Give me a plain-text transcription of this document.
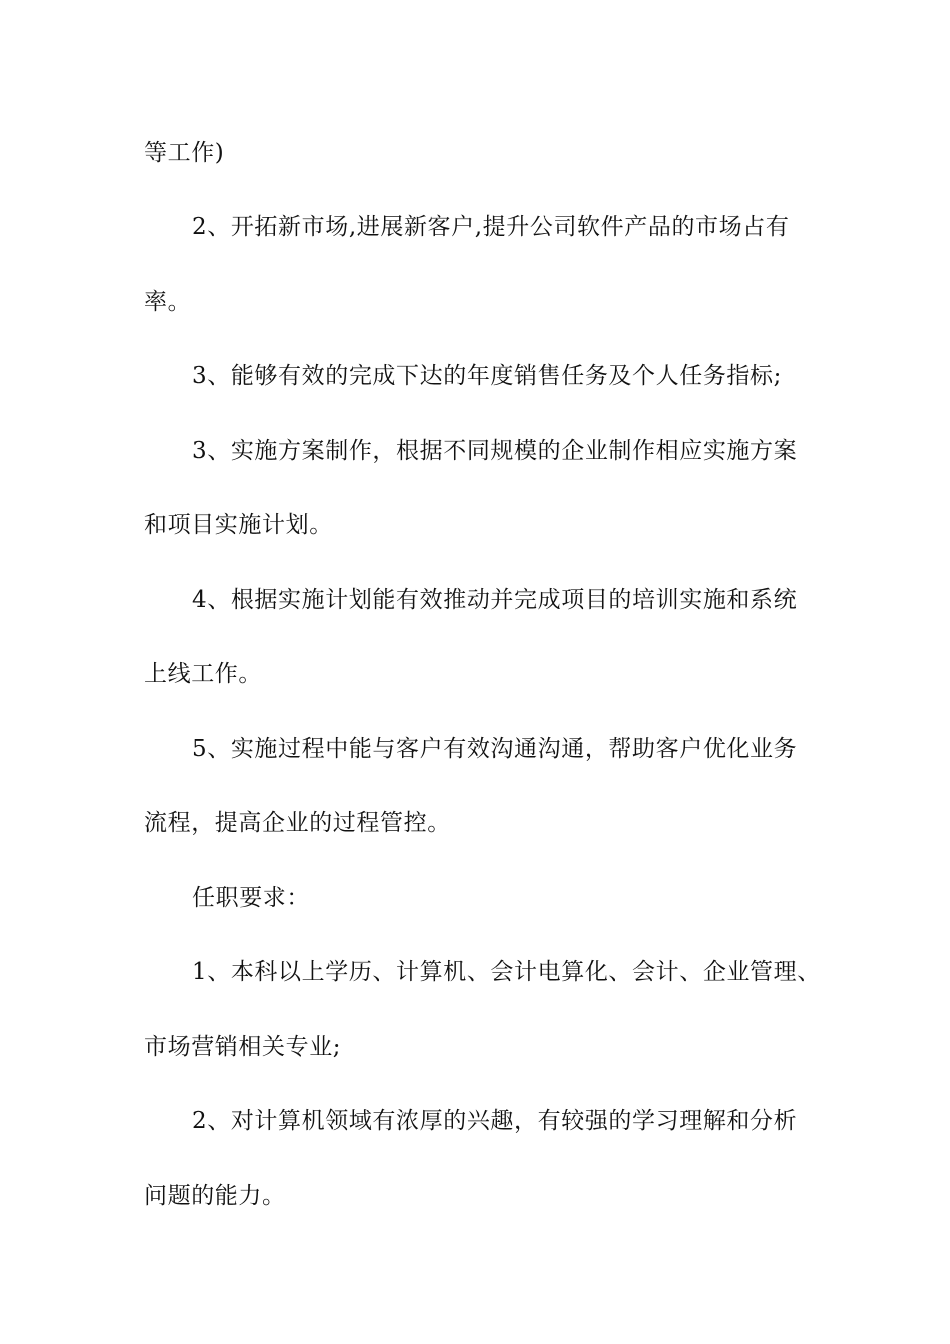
等工作)
2、开拓新市场,进展新客户,提升公司软件产品的市场占有
率。
3、能够有效的完成下达的年度销售任务及个人任务指标;
3、实施方案制作，根据不同规模的企业制作相应实施方案
和项目实施计划。
4、根据实施计划能有效推动并完成项目的培训实施和系统
上线工作。
5、实施过程中能与客户有效沟通沟通，帮助客户优化业务
流程，提高企业的过程管控。
任职要求：
1、本科以上学历、计算机、会计电算化、会计、企业管理、
市场营销相关专业;
2、对计算机领域有浓厚的兴趣，有较强的学习理解和分析
问题的能力。
